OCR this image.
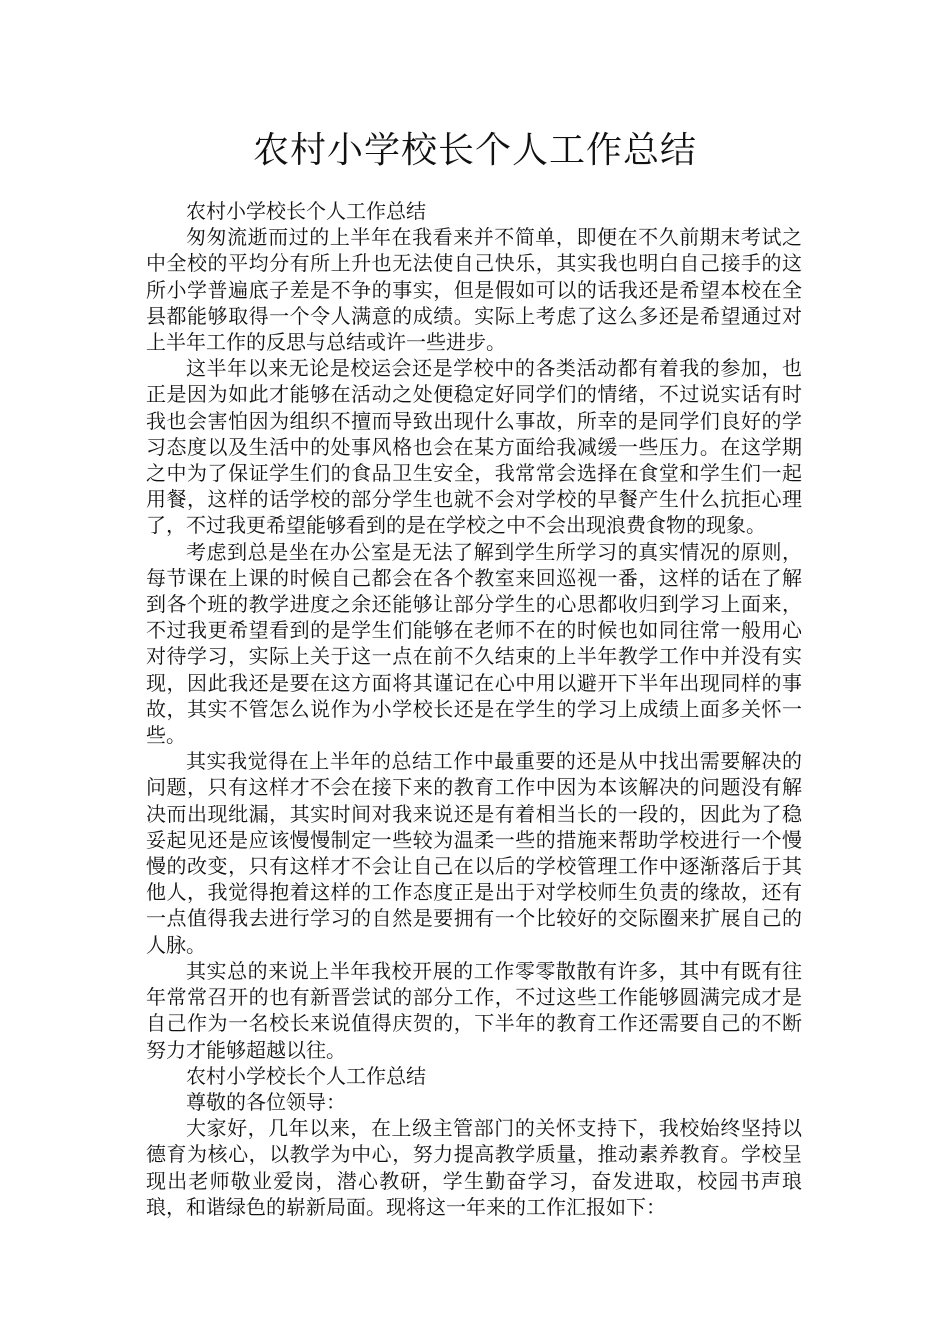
农村小学校长个人工作总结

农村小学校长个人工作总结

匆匆流逝而过的上半年在我看来并不简单，即便在不久前期末考试之中全校的平均分有所上升也无法使自己快乐，其实我也明白自己接手的这所小学普遍底子差是不争的事实，但是假如可以的话我还是希望本校在全县都能够取得一个令人满意的成绩。实际上考虑了这么多还是希望通过对上半年工作的反思与总结或许一些进步。

这半年以来无论是校运会还是学校中的各类活动都有着我的参加，也正是因为如此才能够在活动之处便稳定好同学们的情绪，不过说实话有时我也会害怕因为组织不擅而导致出现什么事故，所幸的是同学们良好的学习态度以及生活中的处事风格也会在某方面给我减缓一些压力。在这学期之中为了保证学生们的食品卫生安全，我常常会选择在食堂和学生们一起用餐，这样的话学校的部分学生也就不会对学校的早餐产生什么抗拒心理了，不过我更希望能够看到的是在学校之中不会出现浪费食物的现象。

考虑到总是坐在办公室是无法了解到学生所学习的真实情况的原则，每节课在上课的时候自己都会在各个教室来回巡视一番，这样的话在了解到各个班的教学进度之余还能够让部分学生的心思都收归到学习上面来，不过我更希望看到的是学生们能够在老师不在的时候也如同往常一般用心对待学习，实际上关于这一点在前不久结束的上半年教学工作中并没有实现，因此我还是要在这方面将其谨记在心中用以避开下半年出现同样的事故，其实不管怎么说作为小学校长还是在学生的学习上成绩上面多关怀一些。

其实我觉得在上半年的总结工作中最重要的还是从中找出需要解决的问题，只有这样才不会在接下来的教育工作中因为本该解决的问题没有解决而出现纰漏，其实时间对我来说还是有着相当长的一段的，因此为了稳妥起见还是应该慢慢制定一些较为温柔一些的措施来帮助学校进行一个慢慢的改变，只有这样才不会让自己在以后的学校管理工作中逐渐落后于其他人，我觉得抱着这样的工作态度正是出于对学校师生负责的缘故，还有一点值得我去进行学习的自然是要拥有一个比较好的交际圈来扩展自己的人脉。

其实总的来说上半年我校开展的工作零零散散有许多，其中有既有往年常常召开的也有新晋尝试的部分工作，不过这些工作能够圆满完成才是自己作为一名校长来说值得庆贺的，下半年的教育工作还需要自己的不断努力才能够超越以往。

农村小学校长个人工作总结

尊敬的各位领导：

大家好，几年以来，在上级主管部门的关怀支持下，我校始终坚持以德育为核心，以教学为中心，努力提高教学质量，推动素养教育。学校呈现出老师敬业爱岗，潜心教研，学生勤奋学习，奋发进取，校园书声琅琅，和谐绿色的崭新局面。现将这一年来的工作汇报如下：
